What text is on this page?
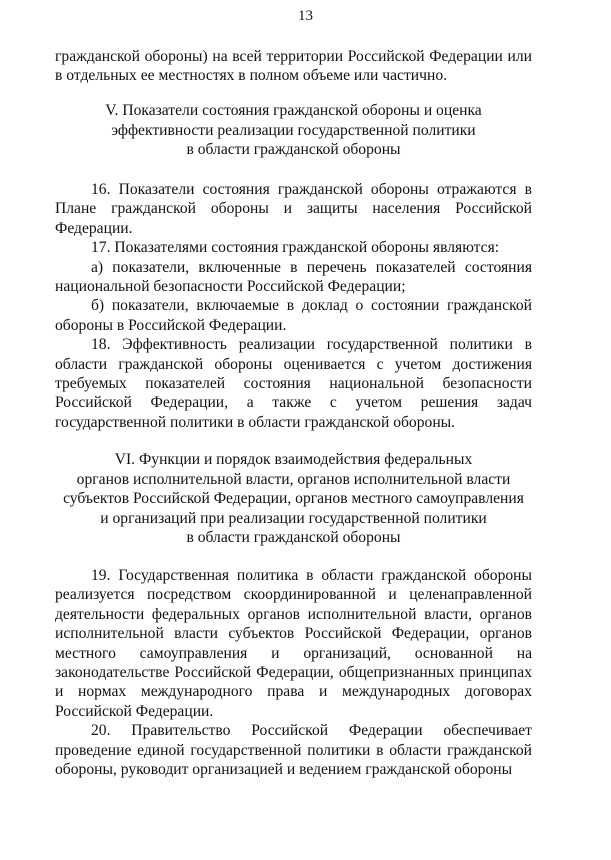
13

гражданской обороны) на всей территории Российской Федерации или в отдельных ее местностях в полном объеме или частично.

V. Показатели состояния гражданской обороны и оценка
эффективности реализации государственной политики
в области гражданской обороны

16. Показатели состояния гражданской обороны отражаются в Плане гражданской обороны и защиты населения Российской Федерации.

17. Показателями состояния гражданской обороны являются:

а) показатели, включенные в перечень показателей состояния национальной безопасности Российской Федерации;

б) показатели, включаемые в доклад о состоянии гражданской обороны в Российской Федерации.

18. Эффективность реализации государственной политики в области гражданской обороны оценивается с учетом достижения требуемых показателей состояния национальной безопасности Российской Федерации, а также с учетом решения задач государственной политики в области гражданской обороны.

VI. Функции и порядок взаимодействия федеральных
органов исполнительной власти, органов исполнительной власти
субъектов Российской Федерации, органов местного самоуправления
и организаций при реализации государственной политики
в области гражданской обороны

19. Государственная политика в области гражданской обороны реализуется посредством скоординированной и целенаправленной деятельности федеральных органов исполнительной власти, органов исполнительной власти субъектов Российской Федерации, органов местного самоуправления и организаций, основанной на законодательстве Российской Федерации, общепризнанных принципах и нормах международного права и международных договорах Российской Федерации.

20. Правительство Российской Федерации обеспечивает проведение единой государственной политики в области гражданской обороны, руководит организацией и ведением гражданской обороны
